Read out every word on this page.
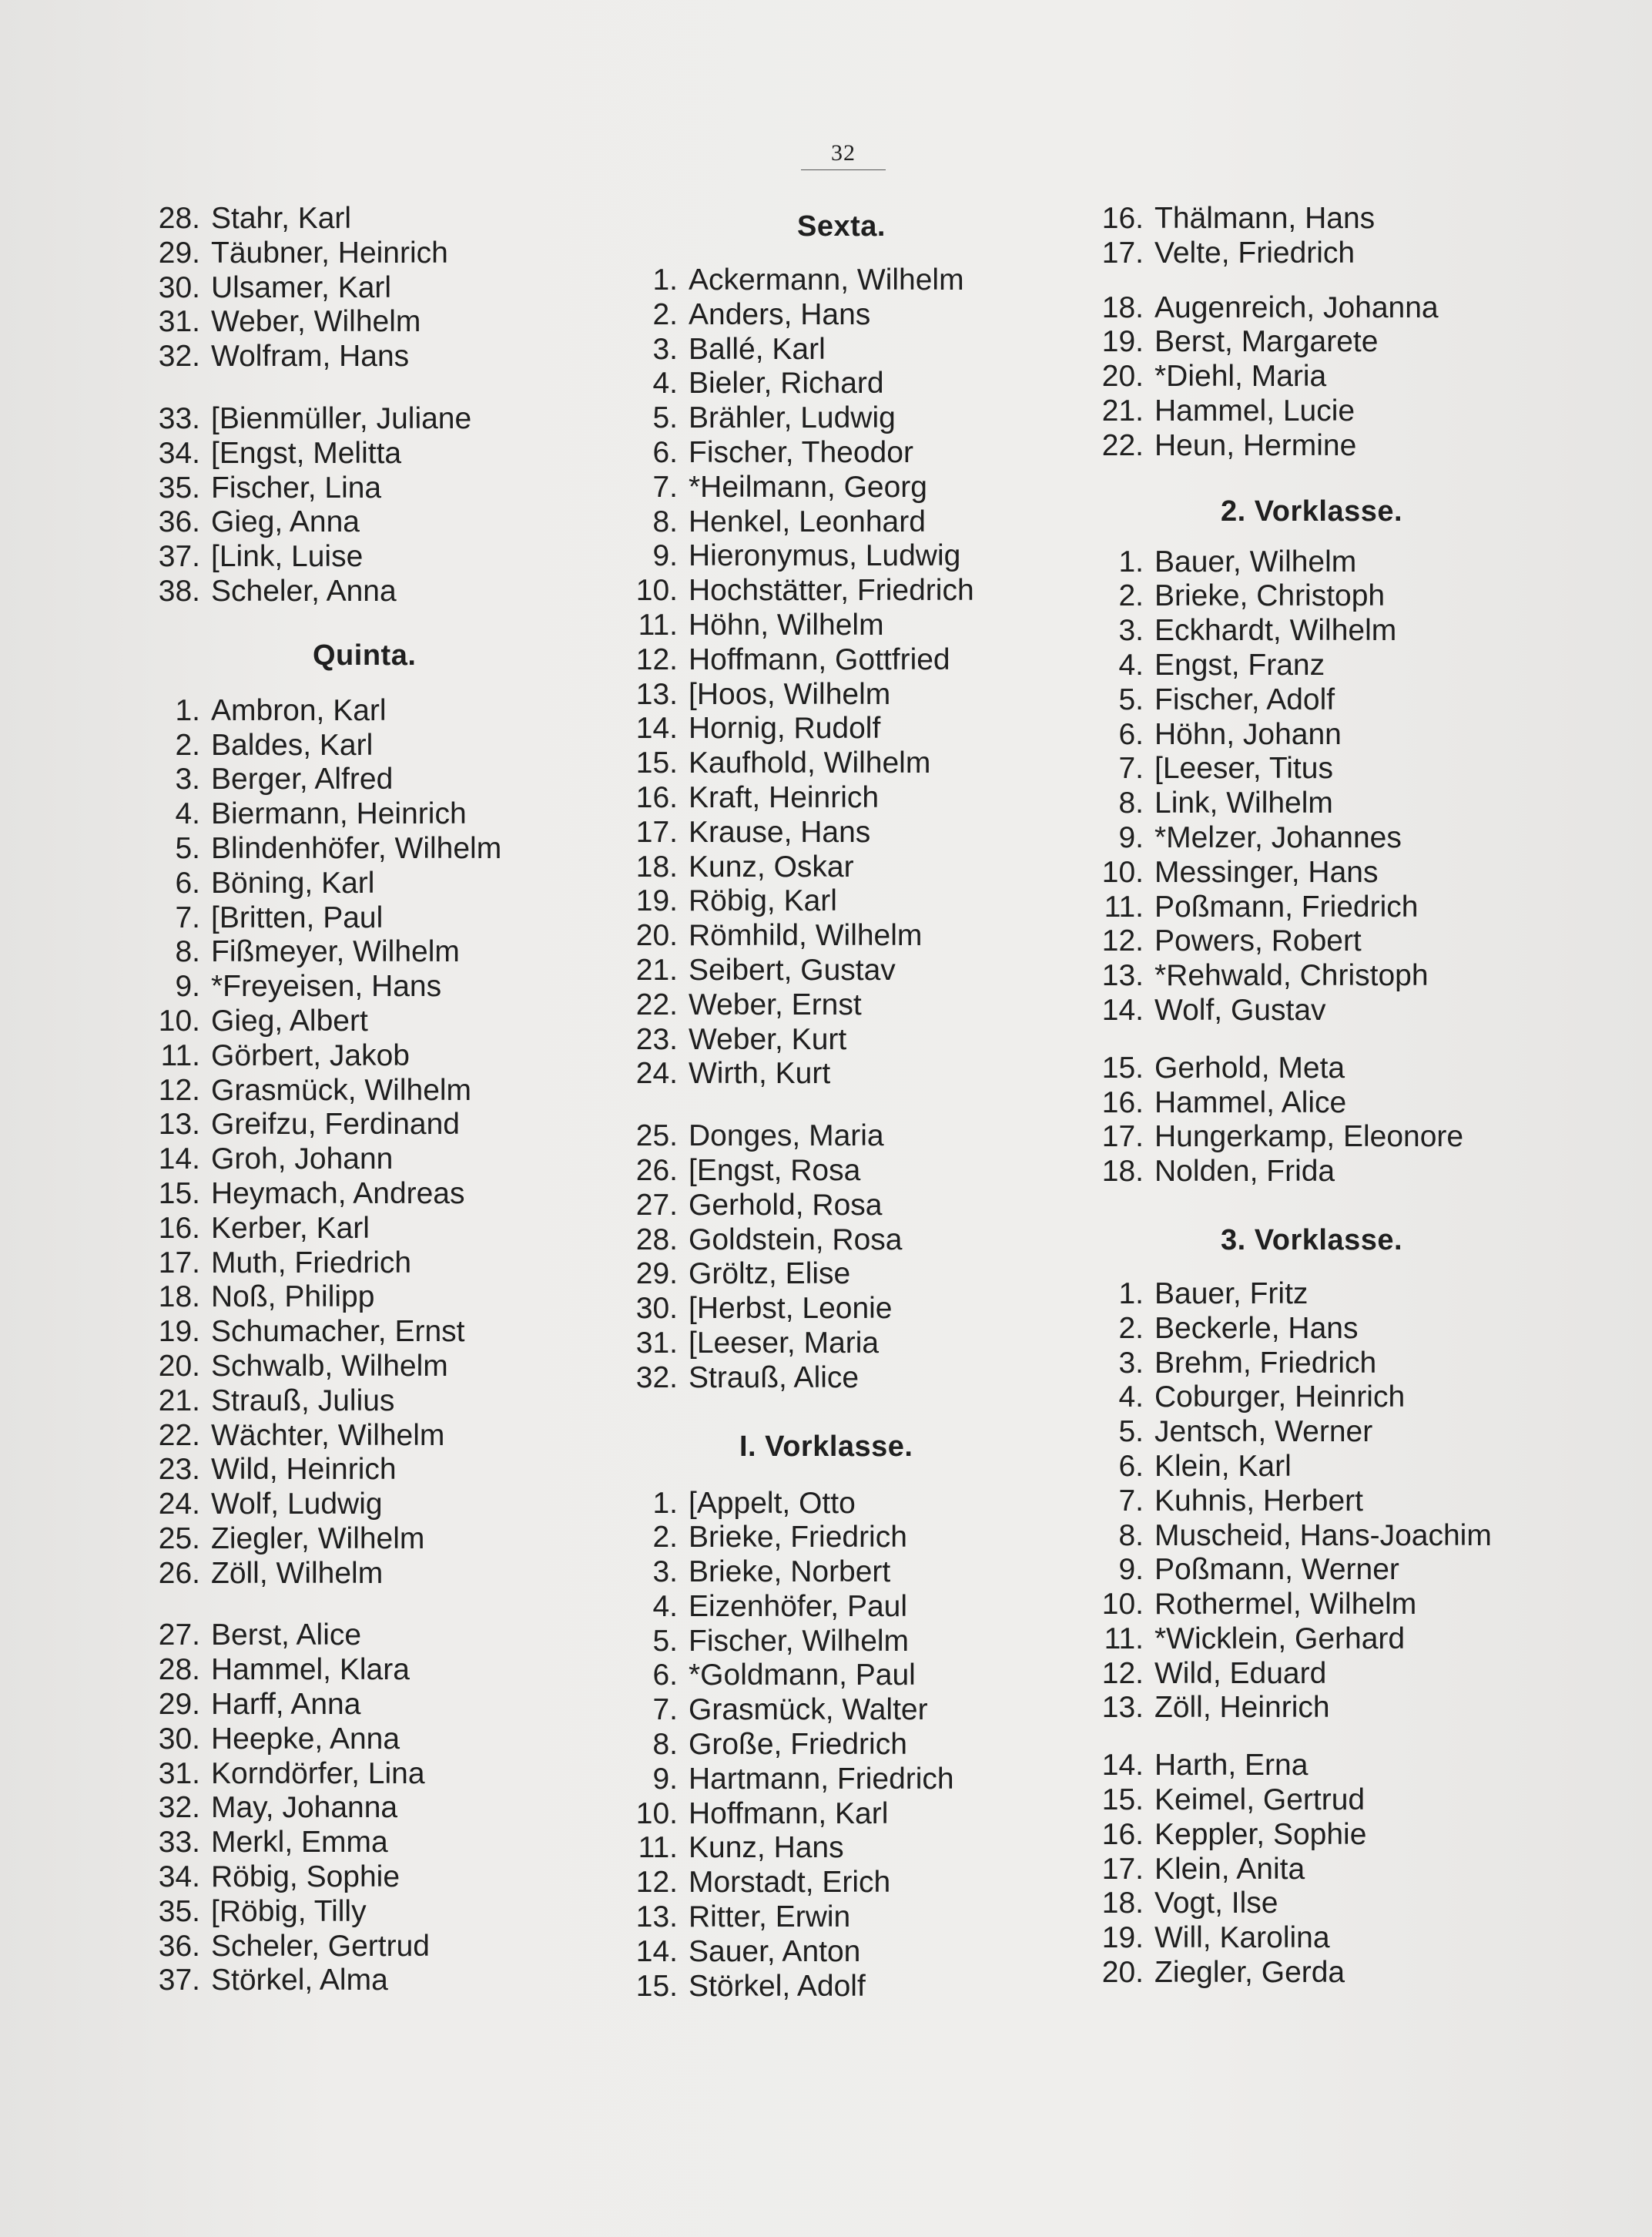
32
28. Stahr, Karl
29. Täubner, Heinrich
30. Ulsamer, Karl
31. Weber, Wilhelm
32. Wolfram, Hans
33. [Bienmüller, Juliane
34. [Engst, Melitta
35. Fischer, Lina
36. Gieg, Anna
37. [Link, Luise
38. Scheler, Anna
Quinta.
1. Ambron, Karl
2. Baldes, Karl
3. Berger, Alfred
4. Biermann, Heinrich
5. Blindenhöfer, Wilhelm
6. Böning, Karl
7. [Britten, Paul
8. Fißmeyer, Wilhelm
9. *Freyeisen, Hans
10. Gieg, Albert
11. Görbert, Jakob
12. Grasmück, Wilhelm
13. Greifzu, Ferdinand
14. Groh, Johann
15. Heymach, Andreas
16. Kerber, Karl
17. Muth, Friedrich
18. Noß, Philipp
19. Schumacher, Ernst
20. Schwalb, Wilhelm
21. Strauß, Julius
22. Wächter, Wilhelm
23. Wild, Heinrich
24. Wolf, Ludwig
25. Ziegler, Wilhelm
26. Zöll, Wilhelm
27. Berst, Alice
28. Hammel, Klara
29. Harff, Anna
30. Heepke, Anna
31. Korndörfer, Lina
32. May, Johanna
33. Merkl, Emma
34. Röbig, Sophie
35. [Röbig, Tilly
36. Scheler, Gertrud
37. Störkel, Alma
Sexta.
1. Ackermann, Wilhelm
2. Anders, Hans
3. Ballé, Karl
4. Bieler, Richard
5. Brähler, Ludwig
6. Fischer, Theodor
7. *Heilmann, Georg
8. Henkel, Leonhard
9. Hieronymus, Ludwig
10. Hochstätter, Friedrich
11. Höhn, Wilhelm
12. Hoffmann, Gottfried
13. [Hoos, Wilhelm
14. Hornig, Rudolf
15. Kaufhold, Wilhelm
16. Kraft, Heinrich
17. Krause, Hans
18. Kunz, Oskar
19. Röbig, Karl
20. Römhild, Wilhelm
21. Seibert, Gustav
22. Weber, Ernst
23. Weber, Kurt
24. Wirth, Kurt
25. Donges, Maria
26. [Engst, Rosa
27. Gerhold, Rosa
28. Goldstein, Rosa
29. Gröltz, Elise
30. [Herbst, Leonie
31. [Leeser, Maria
32. Strauß, Alice
I. Vorklasse.
1. [Appelt, Otto
2. Brieke, Friedrich
3. Brieke, Norbert
4. Eizenhöfer, Paul
5. Fischer, Wilhelm
6. *Goldmann, Paul
7. Grasmück, Walter
8. Große, Friedrich
9. Hartmann, Friedrich
10. Hoffmann, Karl
11. Kunz, Hans
12. Morstadt, Erich
13. Ritter, Erwin
14. Sauer, Anton
15. Störkel, Adolf
16. Thälmann, Hans
17. Velte, Friedrich
18. Augenreich, Johanna
19. Berst, Margarete
20. *Diehl, Maria
21. Hammel, Lucie
22. Heun, Hermine
2. Vorklasse.
1. Bauer, Wilhelm
2. Brieke, Christoph
3. Eckhardt, Wilhelm
4. Engst, Franz
5. Fischer, Adolf
6. Höhn, Johann
7. [Leeser, Titus
8. Link, Wilhelm
9. *Melzer, Johannes
10. Messinger, Hans
11. Poßmann, Friedrich
12. Powers, Robert
13. *Rehwald, Christoph
14. Wolf, Gustav
15. Gerhold, Meta
16. Hammel, Alice
17. Hungerkamp, Eleonore
18. Nolden, Frida
3. Vorklasse.
1. Bauer, Fritz
2. Beckerle, Hans
3. Brehm, Friedrich
4. Coburger, Heinrich
5. Jentsch, Werner
6. Klein, Karl
7. Kuhnis, Herbert
8. Muscheid, Hans-Joachim
9. Poßmann, Werner
10. Rothermel, Wilhelm
11. *Wicklein, Gerhard
12. Wild, Eduard
13. Zöll, Heinrich
14. Harth, Erna
15. Keimel, Gertrud
16. Keppler, Sophie
17. Klein, Anita
18. Vogt, Ilse
19. Will, Karolina
20. Ziegler, Gerda
